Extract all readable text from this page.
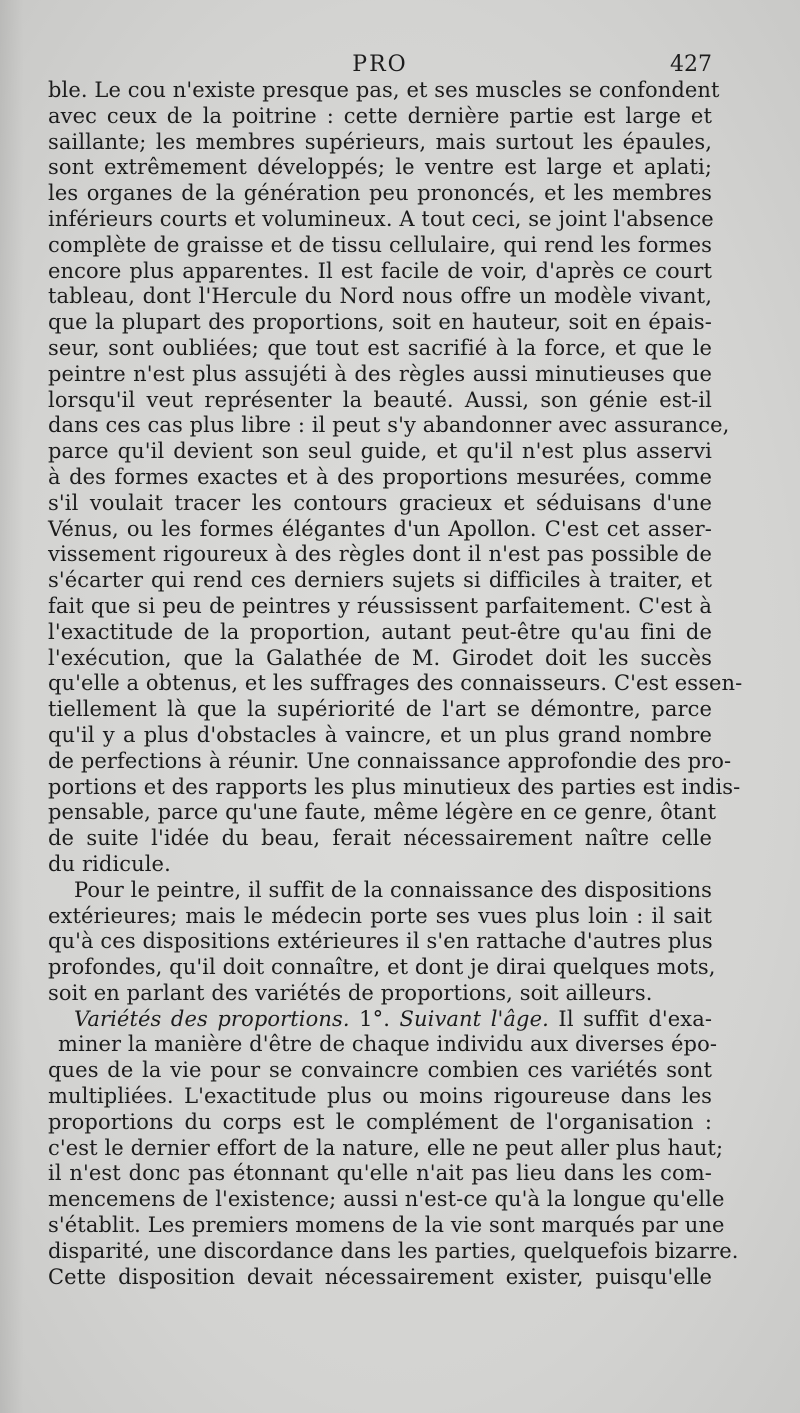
PRO	427
ble. Le cou n'existe presque pas, et ses muscles se confondent
avec ceux de la poitrine : cette dernière partie est large et
saillante; les membres supérieurs, mais surtout les épaules,
sont extrêmement développés; le ventre est large et aplati;
les organes de la génération peu prononcés, et les membres
inférieurs courts et volumineux. A tout ceci, se joint l'absence
complète de graisse et de tissu cellulaire, qui rend les formes
encore plus apparentes. Il est facile de voir, d'après ce court
tableau, dont l'Hercule du Nord nous offre un modèle vivant,
que la plupart des proportions, soit en hauteur, soit en épais-
seur, sont oubliées; que tout est sacrifié à la force, et que le
peintre n'est plus assujéti à des règles aussi minutieuses que
lorsqu'il veut représenter la beauté. Aussi, son génie est-il
dans ces cas plus libre : il peut s'y abandonner avec assurance,
parce qu'il devient son seul guide, et qu'il n'est plus asservi
à des formes exactes et à des proportions mesurées, comme
s'il voulait tracer les contours gracieux et séduisans d'une
Vénus, ou les formes élégantes d'un Apollon. C'est cet asser-
vissement rigoureux à des règles dont il n'est pas possible de
s'écarter qui rend ces derniers sujets si difficiles à traiter, et
fait que si peu de peintres y réussissent parfaitement. C'est à
l'exactitude de la proportion, autant peut-être qu'au fini de
l'exécution, que la Galathée de M. Girodet doit les succès
qu'elle a obtenus, et les suffrages des connaisseurs. C'est essen-
tiellement là que la supériorité de l'art se démontre, parce
qu'il y a plus d'obstacles à vaincre, et un plus grand nombre
de perfections à réunir. Une connaissance approfondie des pro-
portions et des rapports les plus minutieux des parties est indis-
pensable, parce qu'une faute, même légère en ce genre, ôtant
de suite l'idée du beau, ferait nécessairement naître celle
du ridicule.
Pour le peintre, il suffit de la connaissance des dispositions
extérieures; mais le médecin porte ses vues plus loin : il sait
qu'à ces dispositions extérieures il s'en rattache d'autres plus
profondes, qu'il doit connaître, et dont je dirai quelques mots,
soit en parlant des variétés de proportions, soit ailleurs.
Variétés des proportions. 1°. Suivant l'âge. Il suffit d'exa-
miner la manière d'être de chaque individu aux diverses épo-
ques de la vie pour se convaincre combien ces variétés sont
multipliées. L'exactitude plus ou moins rigoureuse dans les
proportions du corps est le complément de l'organisation :
c'est le dernier effort de la nature, elle ne peut aller plus haut;
il n'est donc pas étonnant qu'elle n'ait pas lieu dans les com-
mencemens de l'existence; aussi n'est-ce qu'à la longue qu'elle
s'établit. Les premiers momens de la vie sont marqués par une
disparité, une discordance dans les parties, quelquefois bizarre.
Cette disposition devait nécessairement exister, puisqu'elle
